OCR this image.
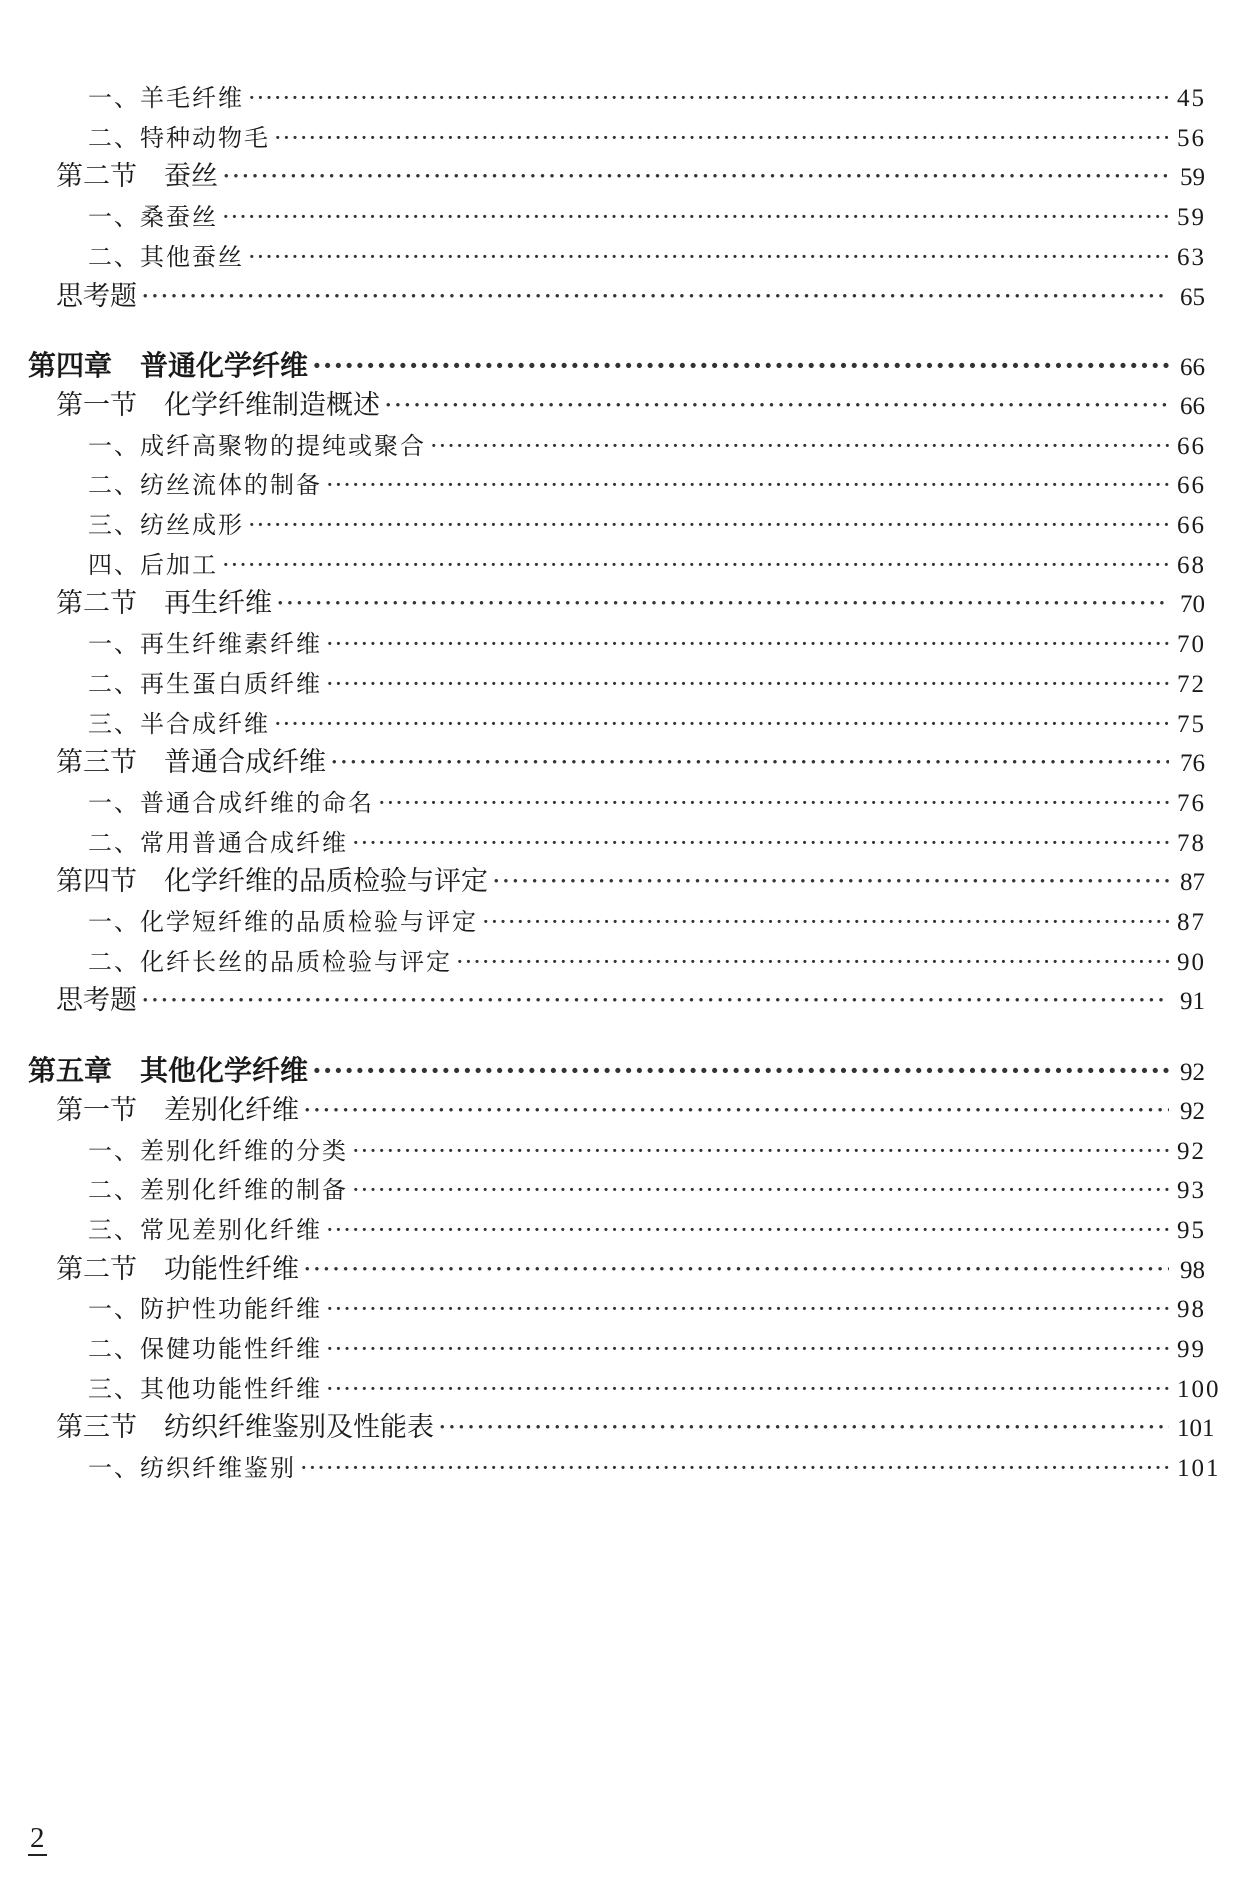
一、羊毛纤维 ·····	45
二、特种动物毛 ·····	56
第二节　蚕丝 ·····	59
一、桑蚕丝 ·····	59
二、其他蚕丝 ·····	63
思考题 ·····	65
第四章　普通化学纤维 ·····	66
第一节　化学纤维制造概述 ·····	66
一、成纤高聚物的提纯或聚合 ·····	66
二、纺丝流体的制备 ·····	66
三、纺丝成形 ·····	66
四、后加工 ·····	68
第二节　再生纤维 ·····	70
一、再生纤维素纤维 ·····	70
二、再生蛋白质纤维 ·····	72
三、半合成纤维 ·····	75
第三节　普通合成纤维 ·····	76
一、普通合成纤维的命名 ·····	76
二、常用普通合成纤维 ·····	78
第四节　化学纤维的品质检验与评定 ·····	87
一、化学短纤维的品质检验与评定 ·····	87
二、化纤长丝的品质检验与评定 ·····	90
思考题 ·····	91
第五章　其他化学纤维 ·····	92
第一节　差别化纤维 ·····	92
一、差别化纤维的分类 ·····	92
二、差别化纤维的制备 ·····	93
三、常见差别化纤维 ·····	95
第二节　功能性纤维 ·····	98
一、防护性功能纤维 ·····	98
二、保健功能性纤维 ·····	99
三、其他功能性纤维 ·····	100
第三节　纺织纤维鉴别及性能表 ·····	101
一、纺织纤维鉴别 ·····	101
2
